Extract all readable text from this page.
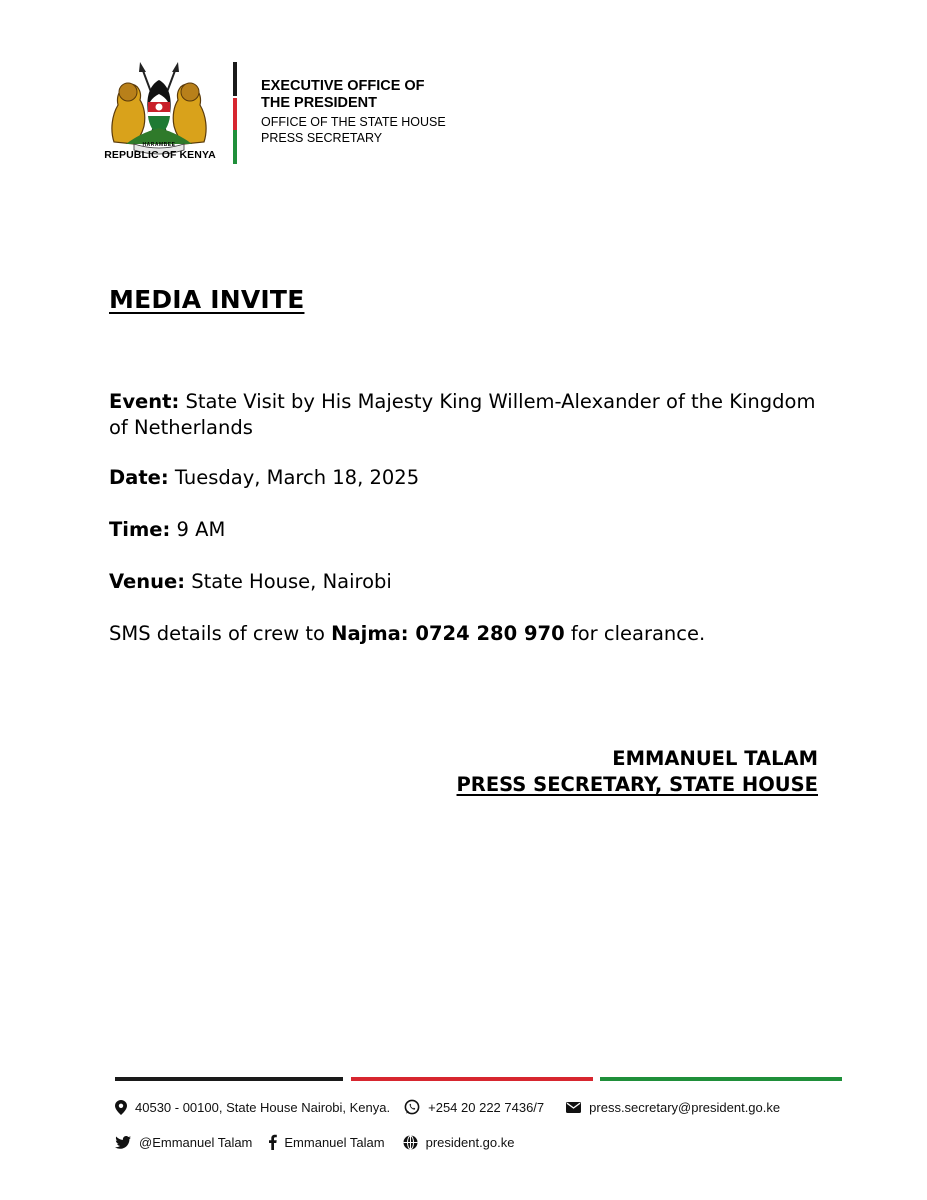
HARAMBEE
REPUBLIC OF KENYA
EXECUTIVE OFFICE OF
THE PRESIDENT
OFFICE OF THE STATE HOUSE
PRESS SECRETARY
MEDIA INVITE
Event: State Visit by His Majesty King Willem-Alexander of the Kingdom of Netherlands
Date: Tuesday, March 18, 2025
Time: 9 AM
Venue: State House, Nairobi
SMS details of crew to Najma: 0724 280 970 for clearance.
EMMANUEL TALAM
PRESS SECRETARY, STATE HOUSE
40530 - 00100, State House Nairobi, Kenya.	+254 20 222 7436/7	press.secretary@president.go.ke
@Emmanuel Talam Emmanuel Talam	president.go.ke
